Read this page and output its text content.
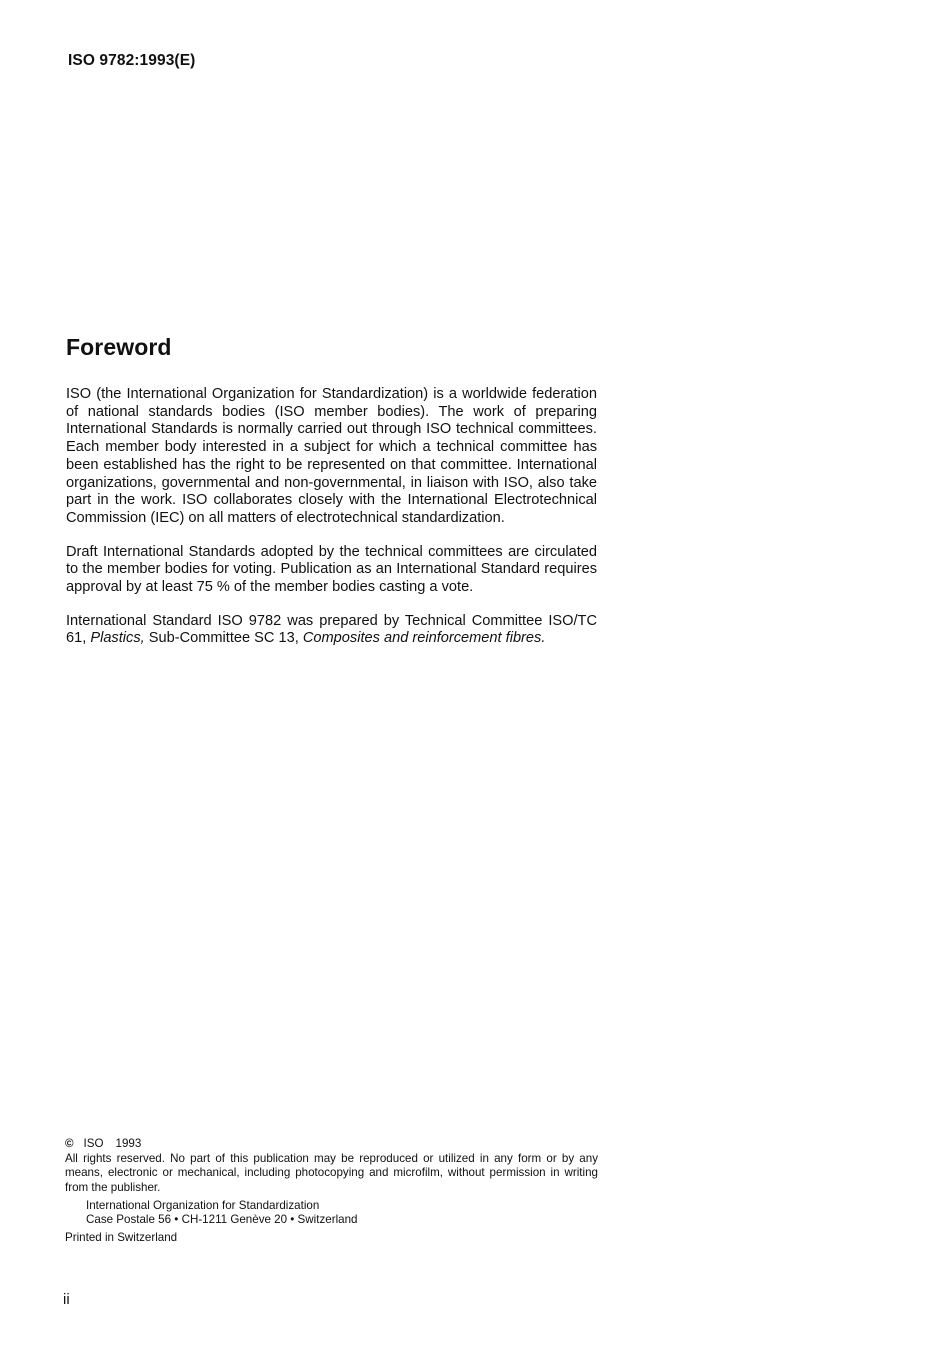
ISO 9782:1993(E)
Foreword

ISO (the International Organization for Standardization) is a worldwide federation of national standards bodies (ISO member bodies). The work of preparing International Standards is normally carried out through ISO technical committees. Each member body interested in a subject for which a technical committee has been established has the right to be represented on that committee. International organizations, governmental and non-governmental, in liaison with ISO, also take part in the work. ISO collaborates closely with the International Electrotechnical Commission (IEC) on all matters of electrotechnical standardization.

Draft International Standards adopted by the technical committees are circulated to the member bodies for voting. Publication as an International Standard requires approval by at least 75 % of the member bodies casting a vote.

International Standard ISO 9782 was prepared by Technical Committee ISO/TC 61, Plastics, Sub-Committee SC 13, Composites and reinforcement fibres.

© ISO 1993

All rights reserved. No part of this publication may be reproduced or utilized in any form or by any means, electronic or mechanical, including photocopying and microfilm, without permission in writing from the publisher.

International Organization for Standardization

Case Postale 56 • CH-1211 Genève 20 • Switzerland

Printed in Switzerland

ii
